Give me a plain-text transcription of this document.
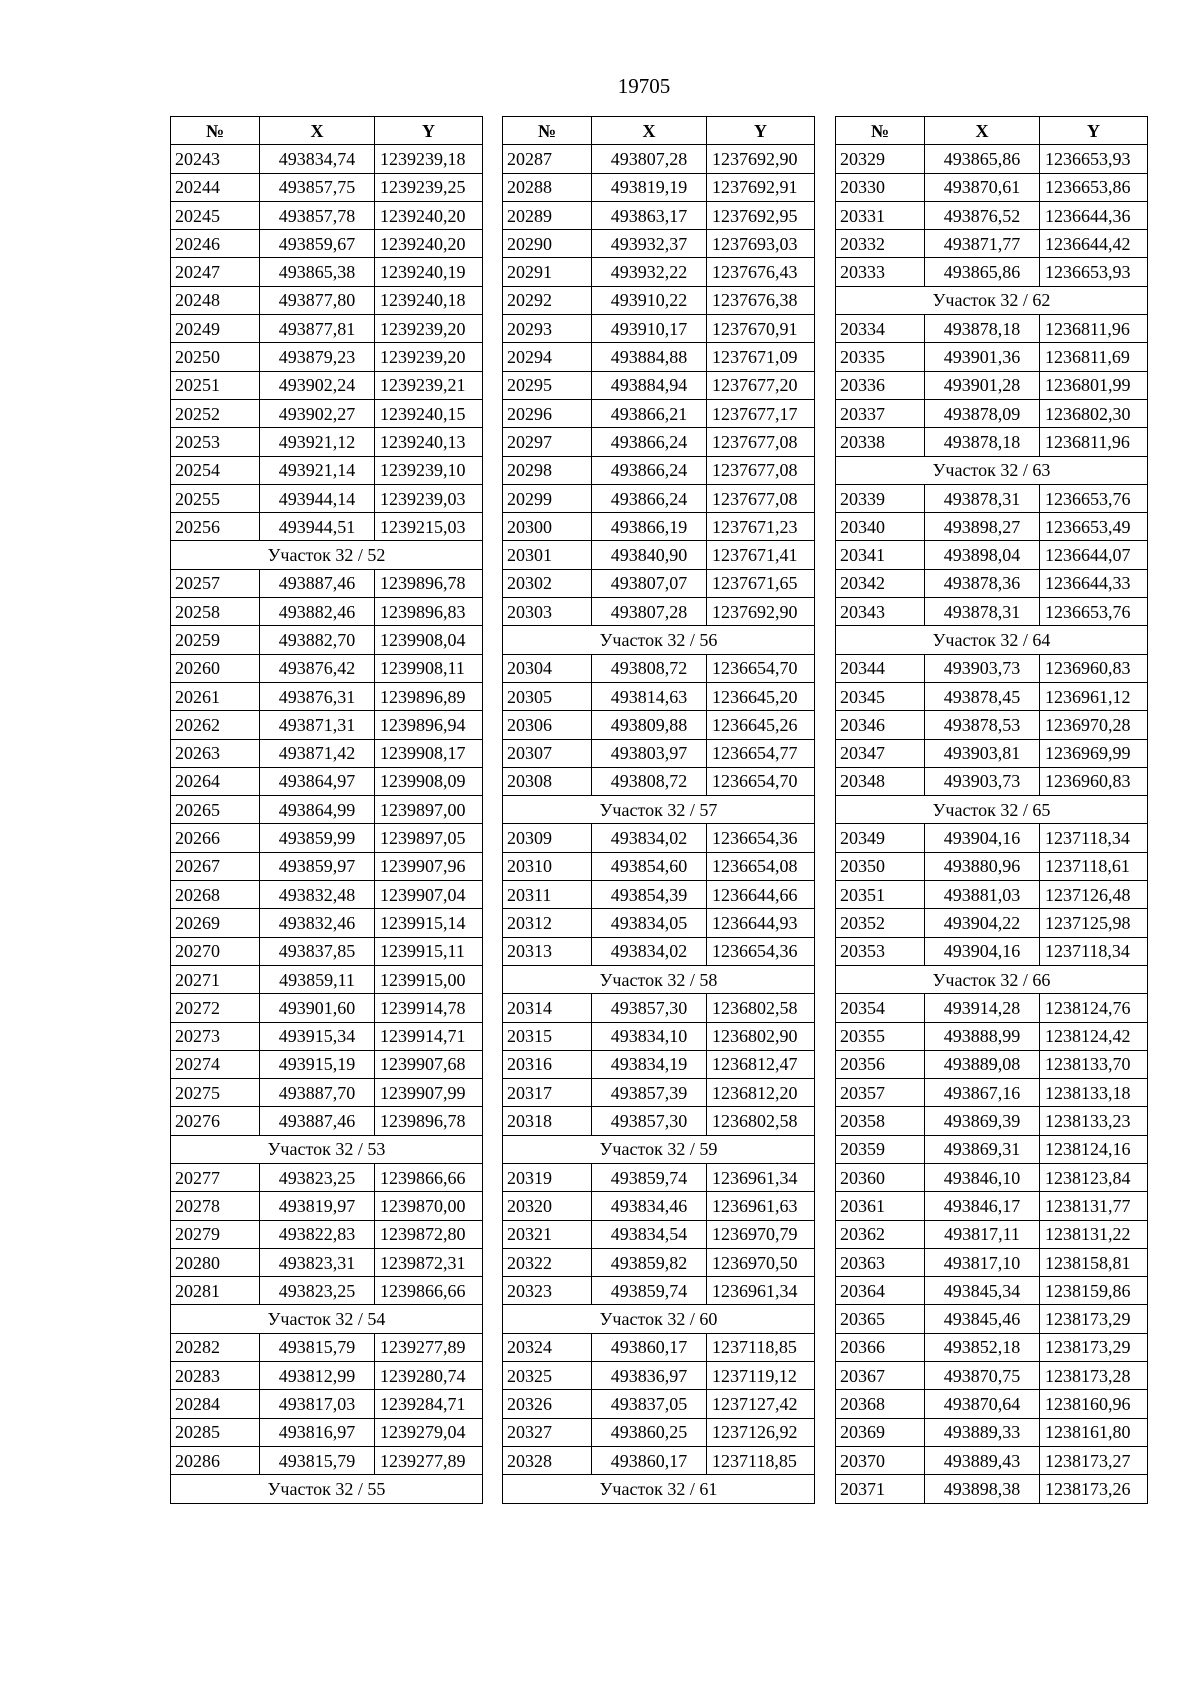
19705
№	X	Y
20243	493834,74	1239239,18
20244	493857,75	1239239,25
20245	493857,78	1239240,20
20246	493859,67	1239240,20
20247	493865,38	1239240,19
20248	493877,80	1239240,18
20249	493877,81	1239239,20
20250	493879,23	1239239,20
20251	493902,24	1239239,21
20252	493902,27	1239240,15
20253	493921,12	1239240,13
20254	493921,14	1239239,10
20255	493944,14	1239239,03
20256	493944,51	1239215,03
Участок 32 / 52		
20257	493887,46	1239896,78
20258	493882,46	1239896,83
20259	493882,70	1239908,04
20260	493876,42	1239908,11
20261	493876,31	1239896,89
20262	493871,31	1239896,94
20263	493871,42	1239908,17
20264	493864,97	1239908,09
20265	493864,99	1239897,00
20266	493859,99	1239897,05
20267	493859,97	1239907,96
20268	493832,48	1239907,04
20269	493832,46	1239915,14
20270	493837,85	1239915,11
20271	493859,11	1239915,00
20272	493901,60	1239914,78
20273	493915,34	1239914,71
20274	493915,19	1239907,68
20275	493887,70	1239907,99
20276	493887,46	1239896,78
Участок 32 / 53		
20277	493823,25	1239866,66
20278	493819,97	1239870,00
20279	493822,83	1239872,80
20280	493823,31	1239872,31
20281	493823,25	1239866,66
Участок 32 / 54		
20282	493815,79	1239277,89
20283	493812,99	1239280,74
20284	493817,03	1239284,71
20285	493816,97	1239279,04
20286	493815,79	1239277,89
Участок 32 / 55		
№	X	Y
20287	493807,28	1237692,90
20288	493819,19	1237692,91
20289	493863,17	1237692,95
20290	493932,37	1237693,03
20291	493932,22	1237676,43
20292	493910,22	1237676,38
20293	493910,17	1237670,91
20294	493884,88	1237671,09
20295	493884,94	1237677,20
20296	493866,21	1237677,17
20297	493866,24	1237677,08
20298	493866,24	1237677,08
20299	493866,24	1237677,08
20300	493866,19	1237671,23
20301	493840,90	1237671,41
20302	493807,07	1237671,65
20303	493807,28	1237692,90
Участок 32 / 56		
20304	493808,72	1236654,70
20305	493814,63	1236645,20
20306	493809,88	1236645,26
20307	493803,97	1236654,77
20308	493808,72	1236654,70
Участок 32 / 57		
20309	493834,02	1236654,36
20310	493854,60	1236654,08
20311	493854,39	1236644,66
20312	493834,05	1236644,93
20313	493834,02	1236654,36
Участок 32 / 58		
20314	493857,30	1236802,58
20315	493834,10	1236802,90
20316	493834,19	1236812,47
20317	493857,39	1236812,20
20318	493857,30	1236802,58
Участок 32 / 59		
20319	493859,74	1236961,34
20320	493834,46	1236961,63
20321	493834,54	1236970,79
20322	493859,82	1236970,50
20323	493859,74	1236961,34
Участок 32 / 60		
20324	493860,17	1237118,85
20325	493836,97	1237119,12
20326	493837,05	1237127,42
20327	493860,25	1237126,92
20328	493860,17	1237118,85
Участок 32 / 61		
№	X	Y
20329	493865,86	1236653,93
20330	493870,61	1236653,86
20331	493876,52	1236644,36
20332	493871,77	1236644,42
20333	493865,86	1236653,93
Участок 32 / 62		
20334	493878,18	1236811,96
20335	493901,36	1236811,69
20336	493901,28	1236801,99
20337	493878,09	1236802,30
20338	493878,18	1236811,96
Участок 32 / 63		
20339	493878,31	1236653,76
20340	493898,27	1236653,49
20341	493898,04	1236644,07
20342	493878,36	1236644,33
20343	493878,31	1236653,76
Участок 32 / 64		
20344	493903,73	1236960,83
20345	493878,45	1236961,12
20346	493878,53	1236970,28
20347	493903,81	1236969,99
20348	493903,73	1236960,83
Участок 32 / 65		
20349	493904,16	1237118,34
20350	493880,96	1237118,61
20351	493881,03	1237126,48
20352	493904,22	1237125,98
20353	493904,16	1237118,34
Участок 32 / 66		
20354	493914,28	1238124,76
20355	493888,99	1238124,42
20356	493889,08	1238133,70
20357	493867,16	1238133,18
20358	493869,39	1238133,23
20359	493869,31	1238124,16
20360	493846,10	1238123,84
20361	493846,17	1238131,77
20362	493817,11	1238131,22
20363	493817,10	1238158,81
20364	493845,34	1238159,86
20365	493845,46	1238173,29
20366	493852,18	1238173,29
20367	493870,75	1238173,28
20368	493870,64	1238160,96
20369	493889,33	1238161,80
20370	493889,43	1238173,27
20371	493898,38	1238173,26
